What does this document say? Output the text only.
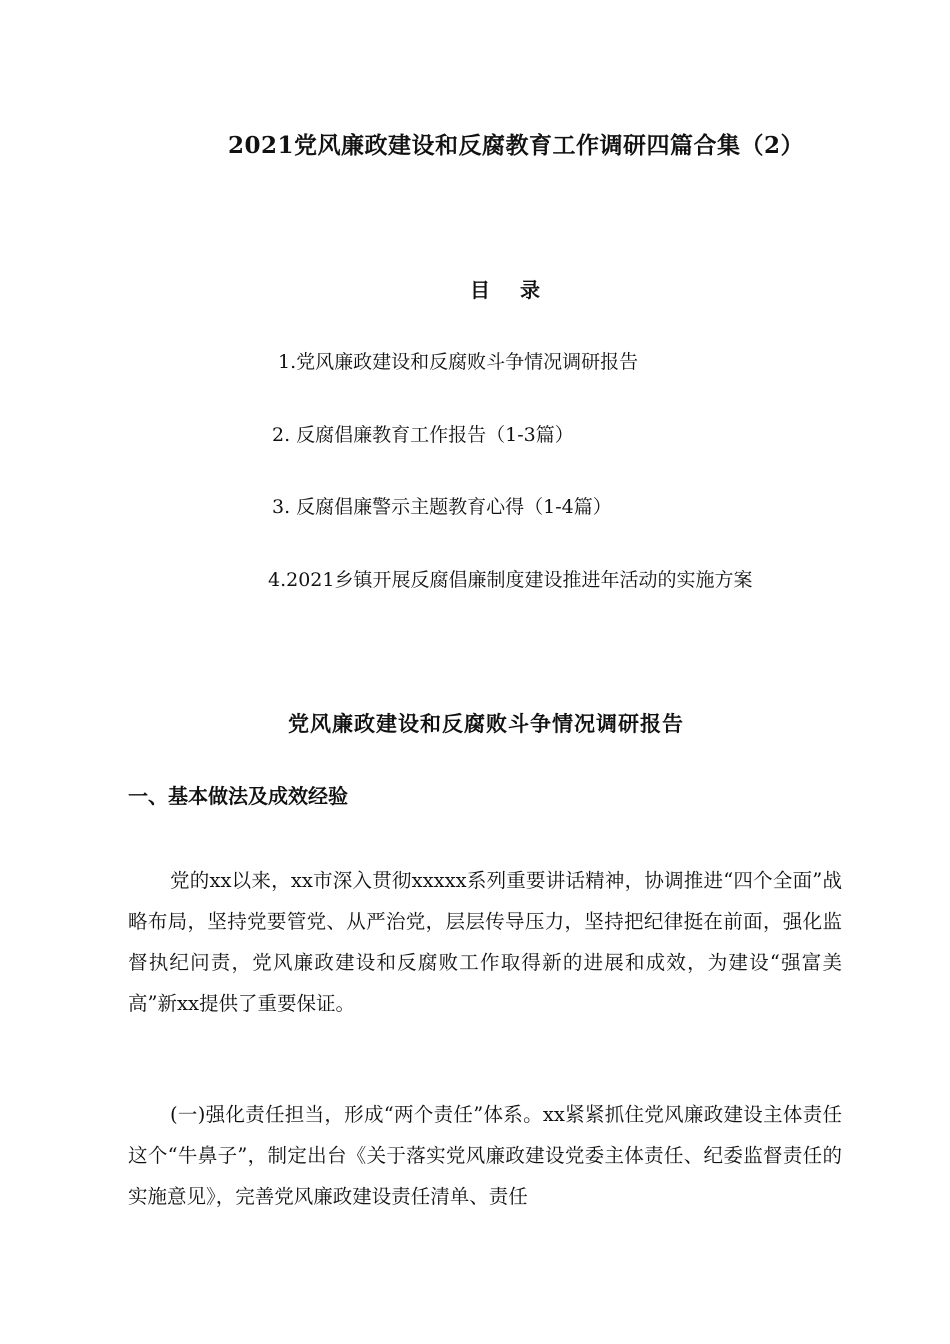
2021党风廉政建设和反腐教育工作调研四篇合集（2）
目录
1.党风廉政建设和反腐败斗争情况调研报告
2. 反腐倡廉教育工作报告（1-3篇）
3. 反腐倡廉警示主题教育心得（1-4篇）
4.2021乡镇开展反腐倡廉制度建设推进年活动的实施方案
党风廉政建设和反腐败斗争情况调研报告
一、基本做法及成效经验

党的xx以来，xx市深入贯彻xxxxx系列重要讲话精神，协调推进“四个全面”战略布局，坚持党要管党、从严治党，层层传导压力，坚持把纪律挺在前面，强化监督执纪问责，党风廉政建设和反腐败工作取得新的进展和成效，为建设“强富美高”新xx提供了重要保证。

(一)强化责任担当，形成“两个责任”体系。xx紧紧抓住党风廉政建设主体责任这个“牛鼻子”，制定出台《关于落实党风廉政建设党委主体责任、纪委监督责任的实施意见》，完善党风廉政建设责任清单、责任
